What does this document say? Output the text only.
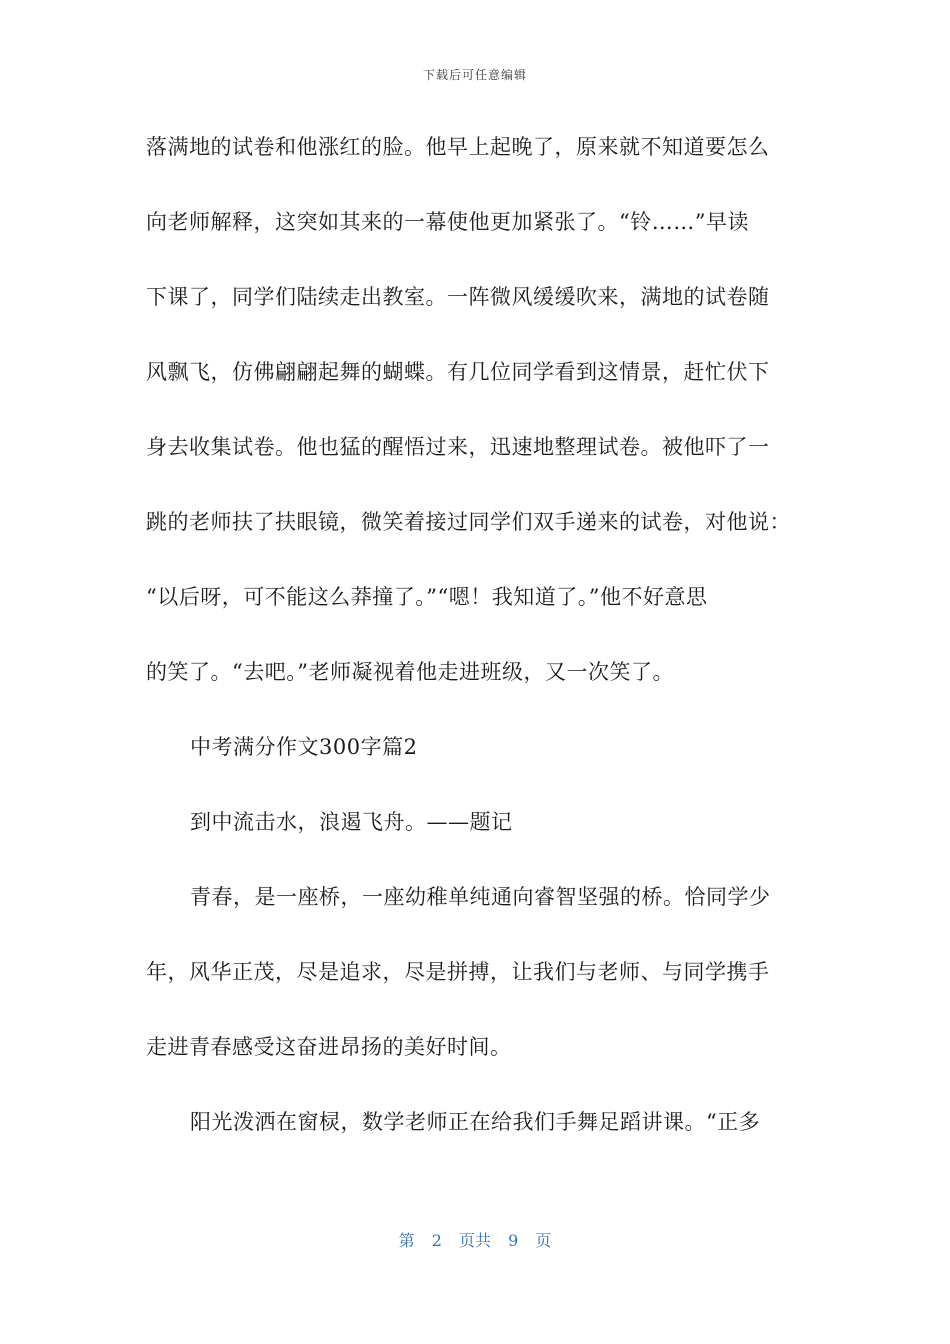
下载后可任意编辑
落满地的试卷和他涨红的脸。他早上起晚了，原来就不知道要怎么
向老师解释，这突如其来的一幕使他更加紧张了。“铃……”早读
下课了，同学们陆续走出教室。一阵微风缓缓吹来，满地的试卷随
风飘飞，仿佛翩翩起舞的蝴蝶。有几位同学看到这情景，赶忙伏下
身去收集试卷。他也猛的醒悟过来，迅速地整理试卷。被他吓了一
跳的老师扶了扶眼镜，微笑着接过同学们双手递来的试卷，对他说：
“以后呀，可不能这么莽撞了。”“嗯！我知道了。”他不好意思
的笑了。“去吧。”老师凝视着他走进班级，又一次笑了。
中考满分作文300字篇2
到中流击水，浪遏飞舟。——题记
青春，是一座桥，一座幼稚单纯通向睿智坚强的桥。恰同学少
年，风华正茂，尽是追求，尽是拼搏，让我们与老师、与同学携手
走进青春感受这奋进昂扬的美好时间。
阳光泼洒在窗棂，数学老师正在给我们手舞足蹈讲课。“正多
第 2 页共 9 页
